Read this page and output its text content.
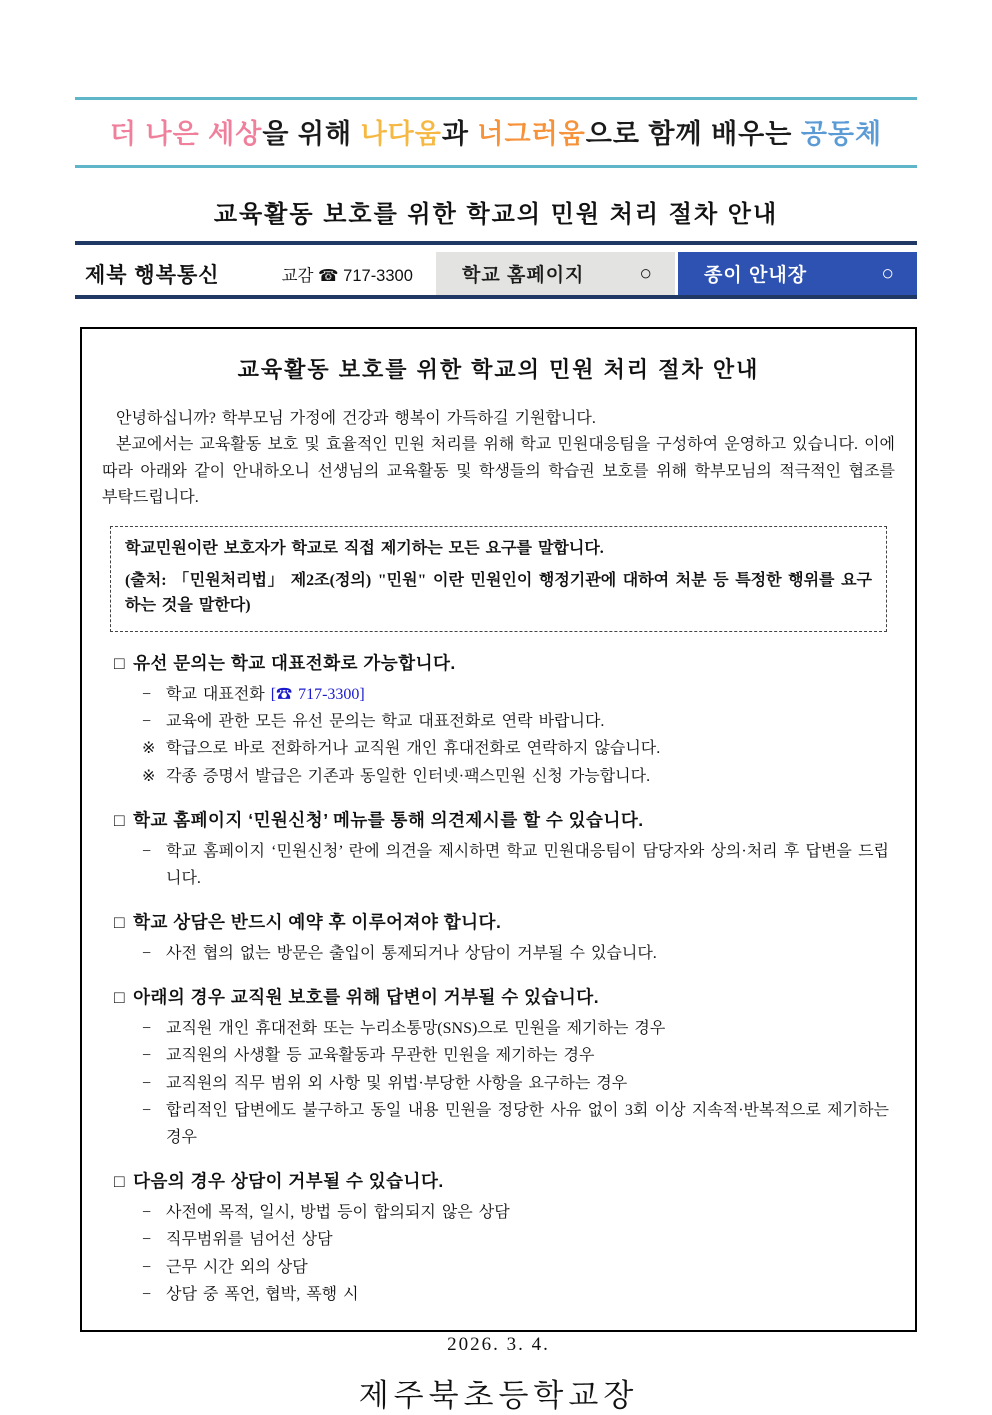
더 나은 세상을 위해 나다움과 너그러움으로 함께 배우는 공동체
교육활동 보호를 위한 학교의 민원 처리 절차 안내
제북 행복통신	교감 ☎ 717-3300	학교 홈페이지	○	종이 안내장	○
교육활동 보호를 위한 학교의 민원 처리 절차 안내

안녕하십니까? 학부모님 가정에 건강과 행복이 가득하길 기원합니다.

본교에서는 교육활동 보호 및 효율적인 민원 처리를 위해 학교 민원대응팀을 구성하여 운영하고 있습니다. 이에 따라 아래와 같이 안내하오니 선생님의 교육활동 및 학생들의 학습권 보호를 위해 학부모님의 적극적인 협조를 부탁드립니다.

학교민원이란 보호자가 학교로 직접 제기하는 모든 요구를 말합니다.

(출처: 「민원처리법」 제2조(정의) "민원" 이란 민원인이 행정기관에 대하여 처분 등 특정한 행위를 요구하는 것을 말한다)

□ 유선 문의는 학교 대표전화로 가능합니다.
− 학교 대표전화 [☎ 717-3300]
− 교육에 관한 모든 유선 문의는 학교 대표전화로 연락 바랍니다.
※ 학급으로 바로 전화하거나 교직원 개인 휴대전화로 연락하지 않습니다.
※ 각종 증명서 발급은 기존과 동일한 인터넷·팩스민원 신청 가능합니다.
□ 학교 홈페이지 ‘민원신청’ 메뉴를 통해 의견제시를 할 수 있습니다.
− 학교 홈페이지 ‘민원신청’ 란에 의견을 제시하면 학교 민원대응팀이 담당자와 상의·처리 후 답변을 드립니다.
□ 학교 상담은 반드시 예약 후 이루어져야 합니다.
− 사전 협의 없는 방문은 출입이 통제되거나 상담이 거부될 수 있습니다.
□ 아래의 경우 교직원 보호를 위해 답변이 거부될 수 있습니다.
− 교직원 개인 휴대전화 또는 누리소통망(SNS)으로 민원을 제기하는 경우
− 교직원의 사생활 등 교육활동과 무관한 민원을 제기하는 경우
− 교직원의 직무 범위 외 사항 및 위법·부당한 사항을 요구하는 경우
− 합리적인 답변에도 불구하고 동일 내용 민원을 정당한 사유 없이 3회 이상 지속적·반복적으로 제기하는 경우
□ 다음의 경우 상담이 거부될 수 있습니다.
− 사전에 목적, 일시, 방법 등이 합의되지 않은 상담
− 직무범위를 넘어선 상담
− 근무 시간 외의 상담
− 상담 중 폭언, 협박, 폭행 시
2026. 3. 4.
제주북초등학교장
